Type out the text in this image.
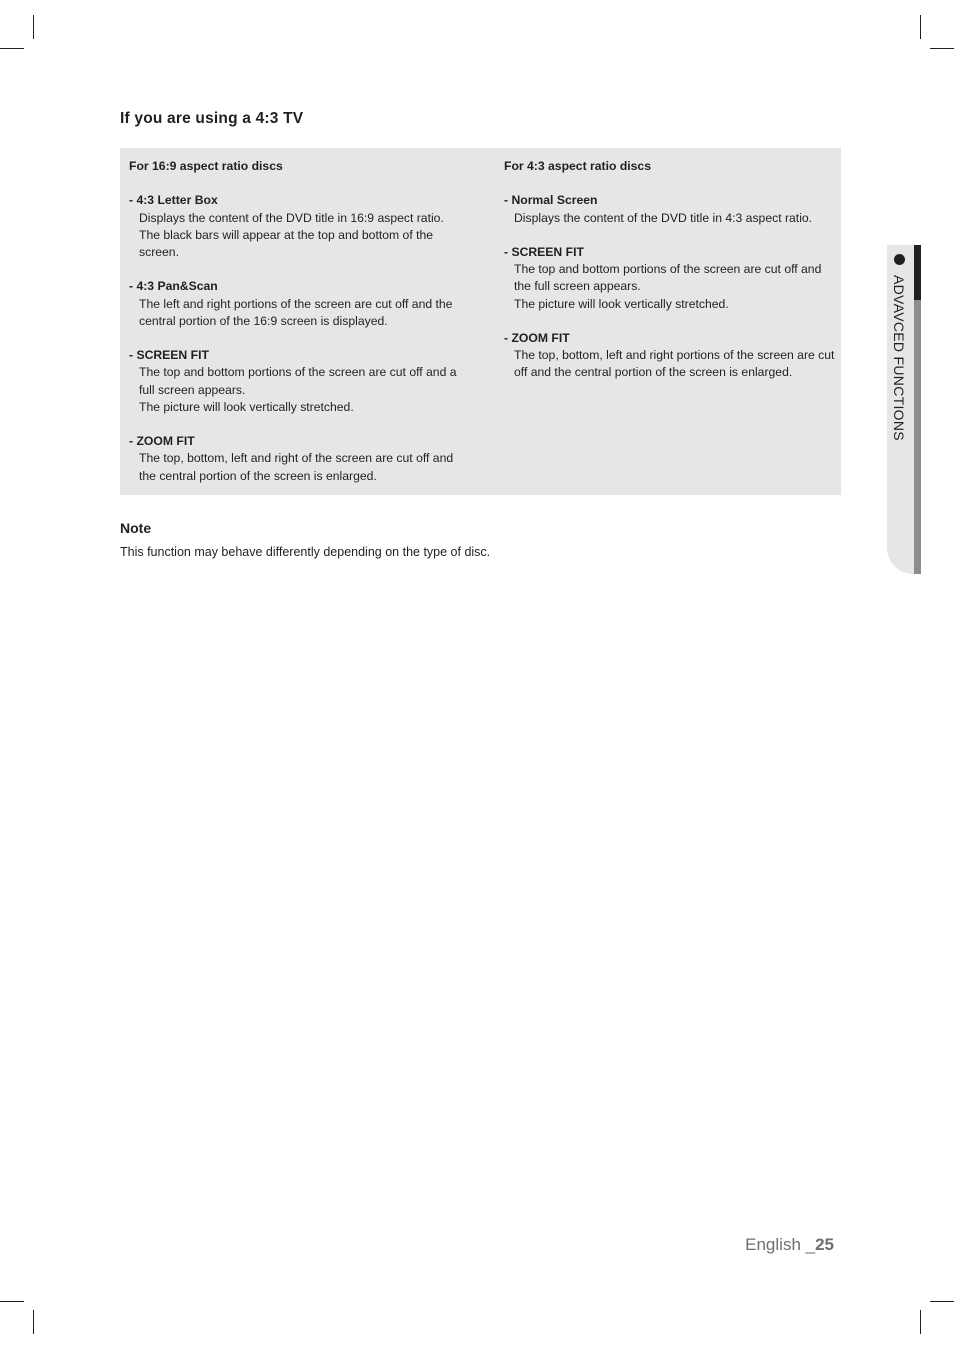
If you are using a 4:3 TV
For 16:9 aspect ratio discs
- 4:3 Letter Box
Displays the content of the DVD title in 16:9 aspect ratio.
The black bars will appear at the top and bottom of the
screen.
- 4:3 Pan&Scan
The left and right portions of the screen are cut off and the
central portion of the 16:9 screen is displayed.
- SCREEN FIT
The top and bottom portions of the screen are cut off and a
full screen appears.
The picture will look vertically stretched.
- ZOOM FIT
The top, bottom, left and right of the screen are cut off and
the central portion of the screen is enlarged.
For 4:3 aspect ratio discs
- Normal Screen
Displays the content of the DVD title in 4:3 aspect ratio.
- SCREEN FIT
The top and bottom portions of the screen are cut off and
the full screen appears.
The picture will look vertically stretched.
- ZOOM FIT
The top, bottom, left and right portions of the screen are cut
off and the central portion of the screen is enlarged.
Note

This function may behave differently depending on the type of disc.

ADVAVCED FUNCTIONS

English _25
